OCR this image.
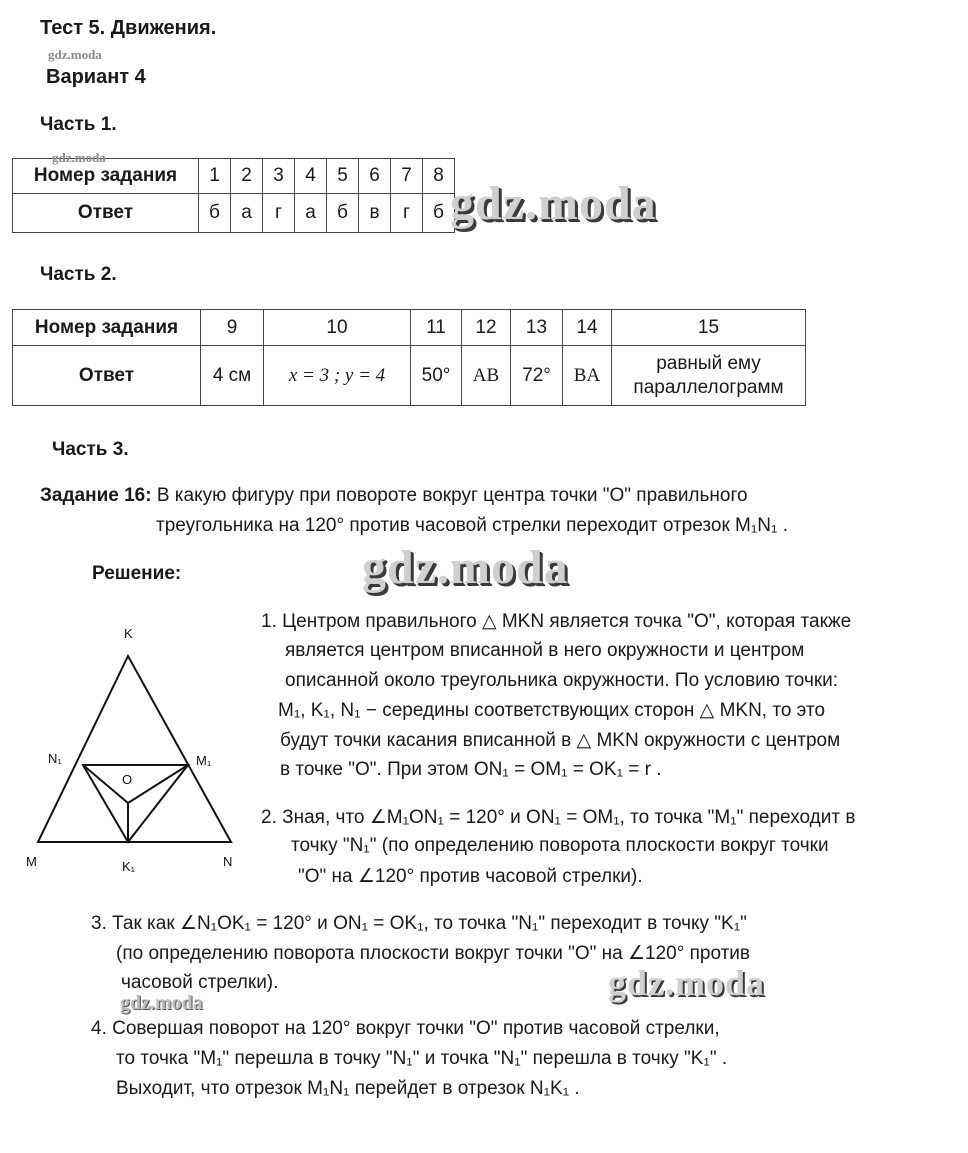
Тест 5. Движения.
gdz.moda
Вариант 4
Часть 1.
Номер задания	1	2	3	4	5	6	7	8
Ответ	б	а	г	а	б	в	г	б
gdz.moda
gdz.moda
Часть 2.
Номер задания	9	10	11	12	13	14	15
Ответ	4 см	x = 3 ; y = 4	50°	AB	72°	BA	равный ему параллелограмм
Часть 3.
Задание 16: В какую фигуру при повороте вокруг центра точки "О" правильного
треугольника на 120° против часовой стрелки переходит отрезок M₁N₁ .
Решение:	gdz.moda
K
N₁	M₁
O
M	K₁	N
1. Центром правильного △ MKN является точка "О", которая также
является центром вписанной в него окружности и центром
описанной около треугольника окружности. По условию точки:
M₁, K₁, N₁ − середины соответствующих сторон △ MKN, то это
будут точки касания вписанной в △ MKN окружности с центром
в точке "О". При этом ON₁ = OM₁ = OK₁ = r .
2. Зная, что ∠M₁ON₁ = 120° и ON₁ = OM₁, то точка "M₁" переходит в
точку "N₁" (по определению поворота плоскости вокруг точки
"О" на ∠120° против часовой стрелки).
3. Так как ∠N₁OK₁ = 120° и ON₁ = OK₁, то точка "N₁" переходит в точку "K₁"
(по определению поворота плоскости вокруг точки "О" на ∠120° против
часовой стрелки).	gdz.moda
gdz.moda
4. Совершая поворот на 120° вокруг точки "O" против часовой стрелки,
то точка "M₁" перешла в точку "N₁" и точка "N₁" перешла в точку "K₁" .
Выходит, что отрезок M₁N₁ перейдет в отрезок N₁K₁ .
